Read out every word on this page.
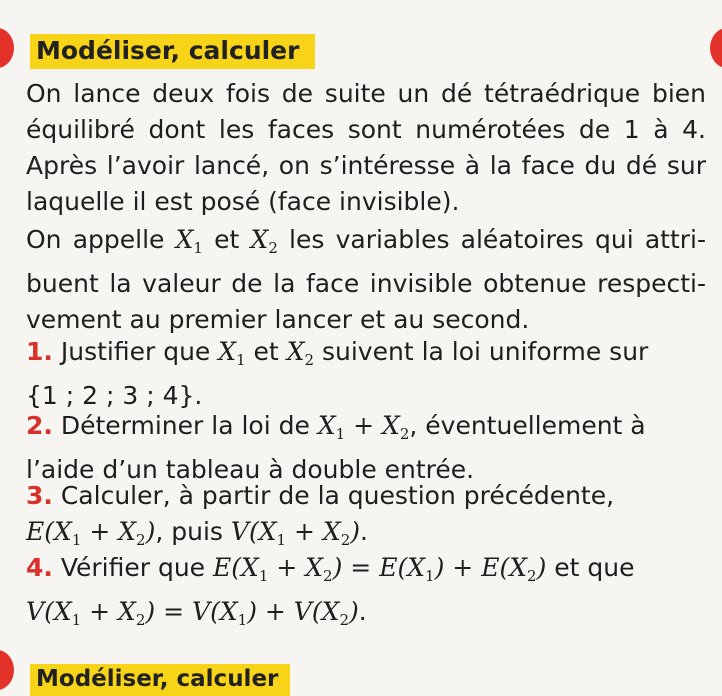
Modéliser, calculer

On lance deux fois de suite un dé tétraédrique bien équilibré dont les faces sont numérotées de 1 à 4. Après l’avoir lancé, on s’intéresse à la face du dé sur laquelle il est posé (face invisible).

On appelle $X_1$ et $X_2$ les variables aléatoires qui attri-buent la valeur de la face invisible obtenue respecti-vement au premier lancer et au second.

1. Justifier que $X_1$ et $X_2$ suivent la loi uniforme sur
{1 ; 2 ; 3 ; 4}.

2. Déterminer la loi de $X_1 + X_2$, éventuellement à l’aide d’un tableau à double entrée.

3. Calculer, à partir de la question précédente,
$E(X_1 + X_2)$, puis $V(X_1 + X_2)$.

4. Vérifier que $E(X_1 + X_2) = E(X_1) + E(X_2)$ et que
$V(X_1 + X_2) = V(X_1) + V(X_2)$.

Modéliser, calculer
